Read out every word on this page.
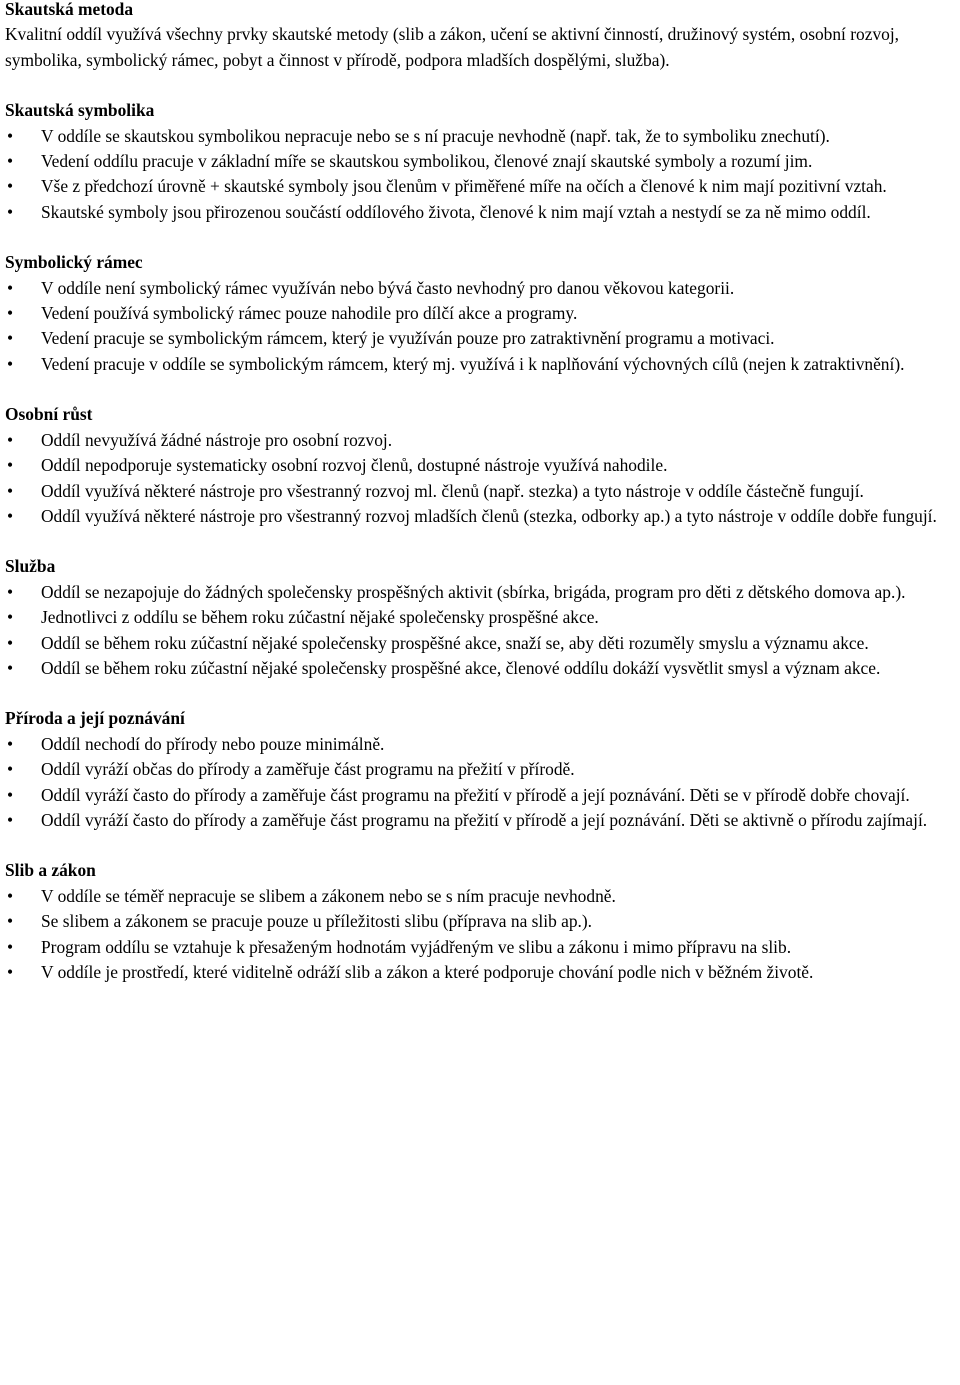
Skautská metoda

Kvalitní oddíl využívá všechny prvky skautské metody (slib a zákon, učení se aktivní činností, družinový systém, osobní rozvoj, symbolika, symbolický rámec, pobyt a činnost v přírodě, podpora mladších dospělými, služba).

Skautská symbolika

•	V oddíle se skautskou symbolikou nepracuje nebo se s ní pracuje nevhodně (např. tak, že to symboliku znechutí).
•	Vedení oddílu pracuje v základní míře se skautskou symbolikou, členové znají skautské symboly a rozumí jim.
•	Vše z předchozí úrovně + skautské symboly jsou členům v přiměřené míře na očích a členové k nim mají pozitivní vztah.
•	Skautské symboly jsou přirozenou součástí oddílového života, členové k nim mají vztah a nestydí se za ně mimo oddíl.

Symbolický rámec

•	V oddíle není symbolický rámec využíván nebo bývá často nevhodný pro danou věkovou kategorii.
•	Vedení používá symbolický rámec pouze nahodile pro dílčí akce a programy.
•	Vedení pracuje se symbolickým rámcem, který je využíván pouze pro zatraktivnění programu a motivaci.
•	Vedení pracuje v oddíle se symbolickým rámcem, který mj. využívá i k naplňování výchovných cílů (nejen k zatraktivnění).

Osobní růst

•	Oddíl nevyužívá žádné nástroje pro osobní rozvoj.
•	Oddíl nepodporuje systematicky osobní rozvoj členů, dostupné nástroje využívá nahodile.
•	Oddíl využívá některé nástroje pro všestranný rozvoj ml. členů (např. stezka) a tyto nástroje v oddíle částečně fungují.
•	Oddíl využívá některé nástroje pro všestranný rozvoj mladších členů (stezka, odborky ap.) a tyto nástroje v oddíle dobře fungují.

Služba

•	Oddíl se nezapojuje do žádných společensky prospěšných aktivit (sbírka, brigáda, program pro děti z dětského domova ap.).
•	Jednotlivci z oddílu se během roku zúčastní nějaké společensky prospěšné akce.
•	Oddíl se během roku zúčastní nějaké společensky prospěšné akce, snaží se, aby děti rozuměly smyslu a významu akce.
•	Oddíl se během roku zúčastní nějaké společensky prospěšné akce, členové oddílu dokáží vysvětlit smysl a význam akce.

Příroda a její poznávání

•	Oddíl nechodí do přírody nebo pouze minimálně.
•	Oddíl vyráží občas do přírody a zaměřuje část programu na přežití v přírodě.
•	Oddíl vyráží často do přírody a zaměřuje část programu na přežití v přírodě a její poznávání. Děti se v přírodě dobře chovají.
•	Oddíl vyráží často do přírody a zaměřuje část programu na přežití v přírodě a její poznávání. Děti se aktivně o přírodu zajímají.

Slib a zákon

•	V oddíle se téměř nepracuje se slibem a zákonem nebo se s ním pracuje nevhodně.
•	Se slibem a zákonem se pracuje pouze u příležitosti slibu (příprava na slib ap.).
•	Program oddílu se vztahuje k přesaženým hodnotám vyjádřeným ve slibu a zákonu i mimo přípravu na slib.
•	V oddíle je prostředí, které viditelně odráží slib a zákon a které podporuje chování podle nich v běžném životě.
